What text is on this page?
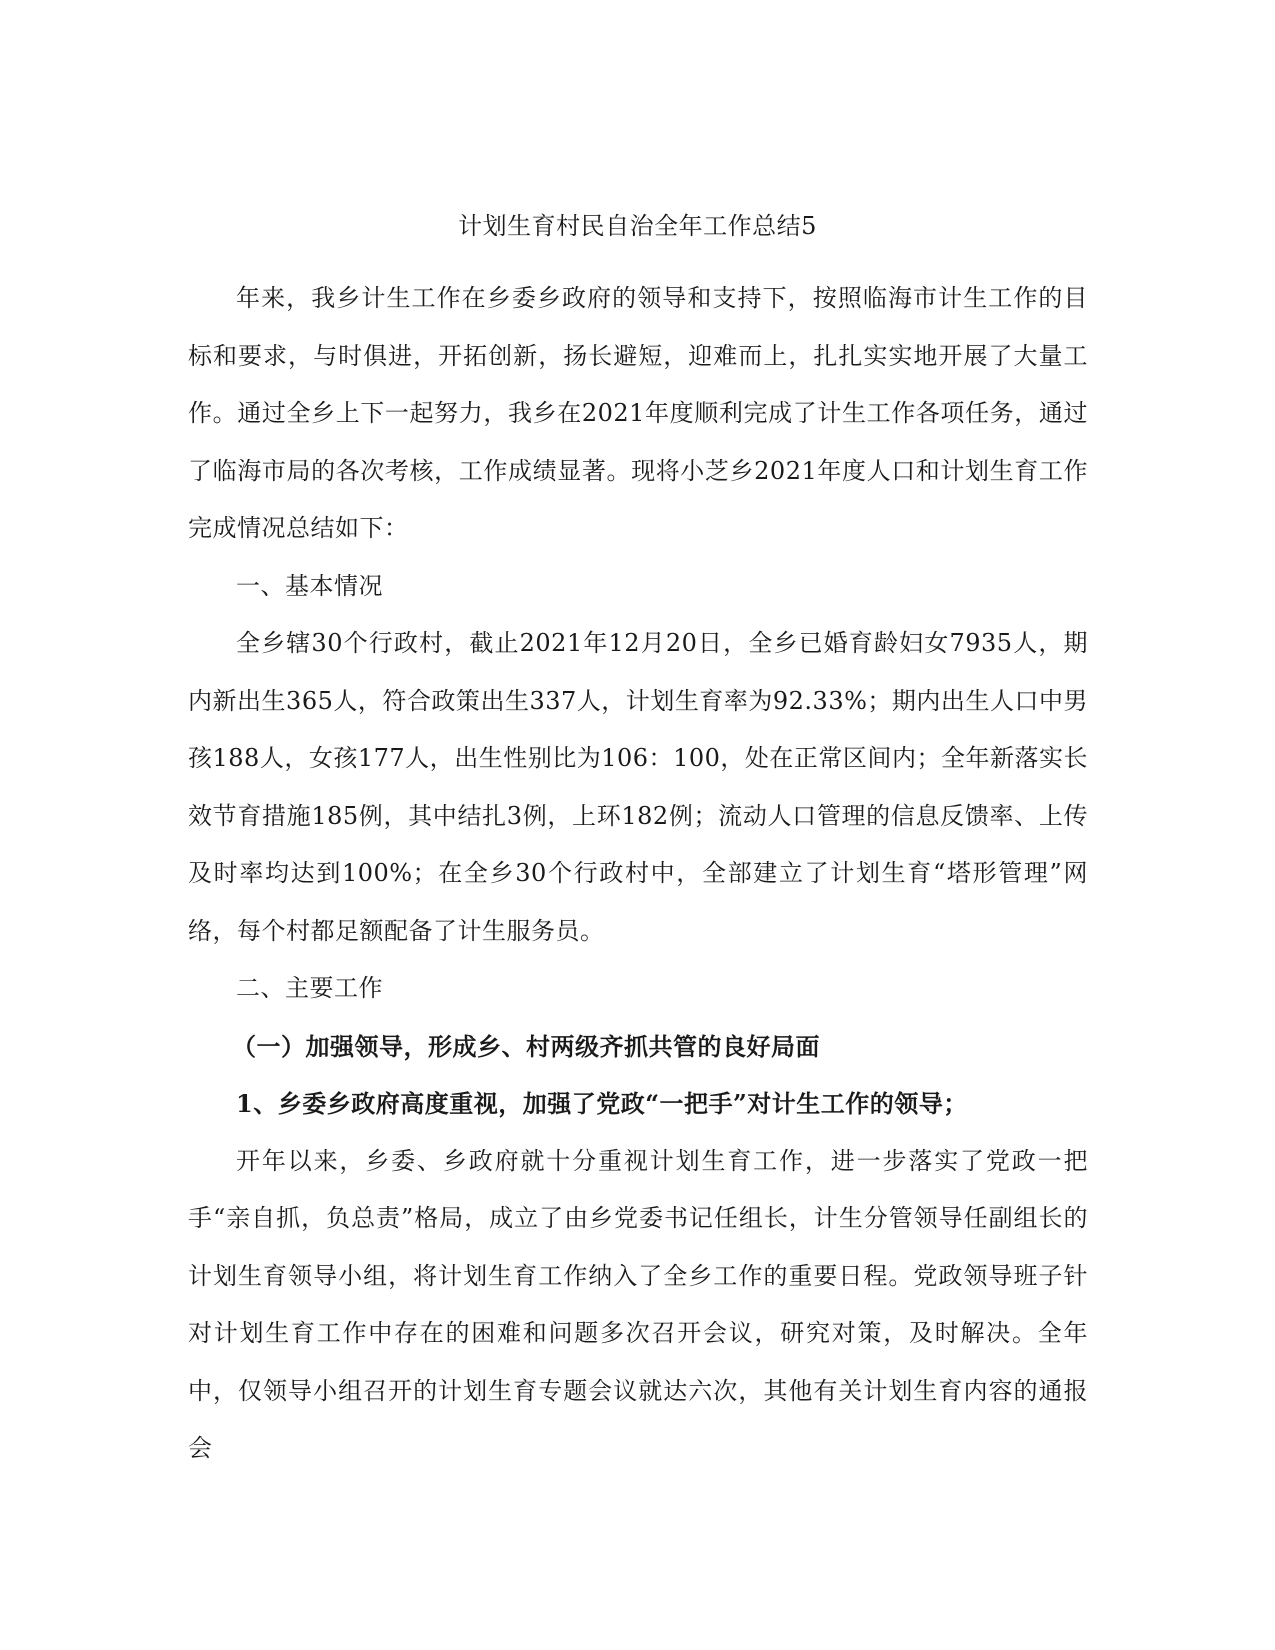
计划生育村民自治全年工作总结5

年来，我乡计生工作在乡委乡政府的领导和支持下，按照临海市计生工作的目标和要求，与时俱进，开拓创新，扬长避短，迎难而上，扎扎实实地开展了大量工作。通过全乡上下一起努力，我乡在2021年度顺利完成了计生工作各项任务，通过了临海市局的各次考核，工作成绩显著。现将小芝乡2021年度人口和计划生育工作完成情况总结如下：

一、基本情况

全乡辖30个行政村，截止2021年12月20日，全乡已婚育龄妇女7935人，期内新出生365人，符合政策出生337人，计划生育率为92.33%；期内出生人口中男孩188人，女孩177人，出生性别比为106：100，处在正常区间内；全年新落实长效节育措施185例，其中结扎3例，上环182例；流动人口管理的信息反馈率、上传及时率均达到100%；在全乡30个行政村中，全部建立了计划生育“塔形管理”网络，每个村都足额配备了计生服务员。

二、主要工作

（一）加强领导，形成乡、村两级齐抓共管的良好局面

1、乡委乡政府高度重视，加强了党政“一把手”对计生工作的领导；

开年以来，乡委、乡政府就十分重视计划生育工作，进一步落实了党政一把手“亲自抓，负总责”格局，成立了由乡党委书记任组长，计生分管领导任副组长的计划生育领导小组，将计划生育工作纳入了全乡工作的重要日程。党政领导班子针对计划生育工作中存在的困难和问题多次召开会议，研究对策，及时解决。全年中，仅领导小组召开的计划生育专题会议就达六次，其他有关计划生育内容的通报会
